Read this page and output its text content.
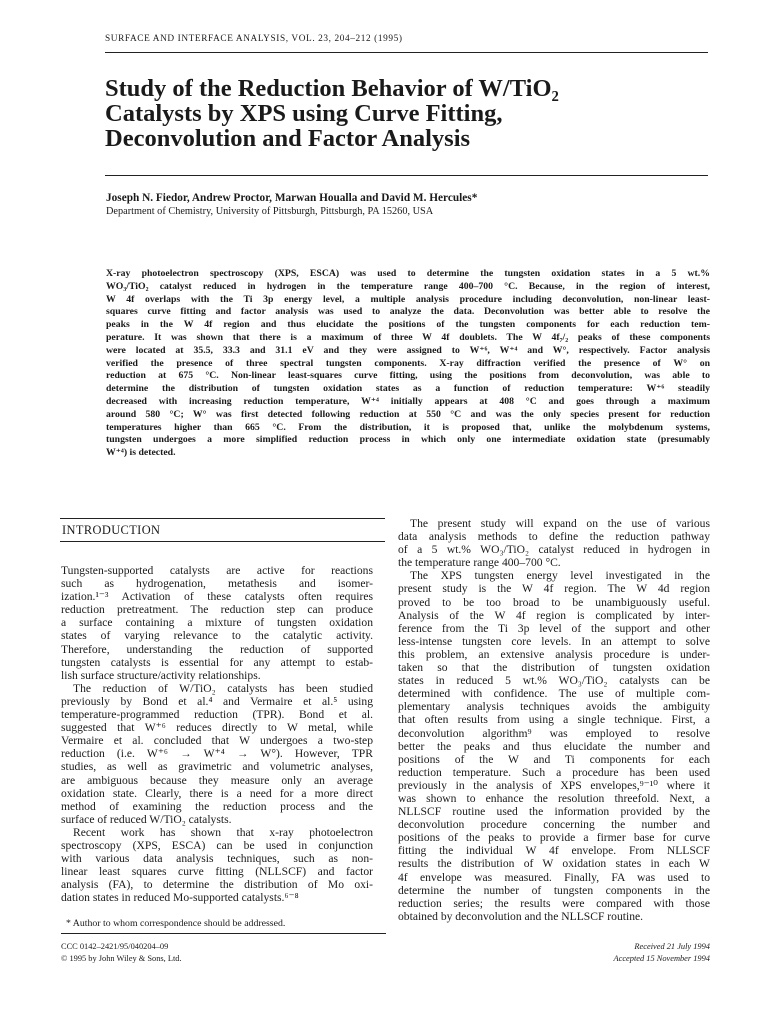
SURFACE AND INTERFACE ANALYSIS, VOL. 23, 204–212 (1995)
Study of the Reduction Behavior of W/TiO₂
Catalysts by XPS using Curve Fitting,
Deconvolution and Factor Analysis
Joseph N. Fiedor, Andrew Proctor, Marwan Houalla and David M. Hercules*
Department of Chemistry, University of Pittsburgh, Pittsburgh, PA 15260, USA
X-ray photoelectron spectroscopy (XPS, ESCA) was used to determine the tungsten oxidation states in a 5 wt.%
WO₃/TiO₂ catalyst reduced in hydrogen in the temperature range 400–700 °C. Because, in the region of interest,
W 4f overlaps with the Ti 3p energy level, a multiple analysis procedure including deconvolution, non-linear least-
squares curve fitting and factor analysis was used to analyze the data. Deconvolution was better able to resolve the
peaks in the W 4f region and thus elucidate the positions of the tungsten components for each reduction tem-
perature. It was shown that there is a maximum of three W 4f doublets. The W 4f₇/₂ peaks of these components
were located at 35.5, 33.3 and 31.1 eV and they were assigned to W⁺⁶, W⁺⁴ and W°, respectively. Factor analysis
verified the presence of three spectral tungsten components. X-ray diffraction verified the presence of W° on
reduction at 675 °C. Non-linear least-squares curve fitting, using the positions from deconvolution, was able to
determine the distribution of tungsten oxidation states as a function of reduction temperature: W⁺⁶ steadily
decreased with increasing reduction temperature, W⁺⁴ initially appears at 408 °C and goes through a maximum
around 580 °C; W° was first detected following reduction at 550 °C and was the only species present for reduction
temperatures higher than 665 °C. From the distribution, it is proposed that, unlike the molybdenum systems,
tungsten undergoes a more simplified reduction process in which only one intermediate oxidation state (presumably
W⁺⁴) is detected.
INTRODUCTION
Tungsten-supported catalysts are active for reactions
such as hydrogenation, metathesis and isomer-
ization.¹⁻³ Activation of these catalysts often requires
reduction pretreatment. The reduction step can produce
a surface containing a mixture of tungsten oxidation
states of varying relevance to the catalytic activity.
Therefore, understanding the reduction of supported
tungsten catalysts is essential for any attempt to estab-
lish surface structure/activity relationships.
The reduction of W/TiO₂ catalysts has been studied
previously by Bond et al.⁴ and Vermaire et al.⁵ using
temperature-programmed reduction (TPR). Bond et al.
suggested that W⁺⁶ reduces directly to W metal, while
Vermaire et al. concluded that W undergoes a two-step
reduction (i.e. W⁺⁶ → W⁺⁴ → W°). However, TPR
studies, as well as gravimetric and volumetric analyses,
are ambiguous because they measure only an average
oxidation state. Clearly, there is a need for a more direct
method of examining the reduction process and the
surface of reduced W/TiO₂ catalysts.
Recent work has shown that x-ray photoelectron
spectroscopy (XPS, ESCA) can be used in conjunction
with various data analysis techniques, such as non-
linear least squares curve fitting (NLLSCF) and factor
analysis (FA), to determine the distribution of Mo oxi-
dation states in reduced Mo-supported catalysts.⁶⁻⁸
The present study will expand on the use of various
data analysis methods to define the reduction pathway
of a 5 wt.% WO₃/TiO₂ catalyst reduced in hydrogen in
the temperature range 400–700 °C.
The XPS tungsten energy level investigated in the
present study is the W 4f region. The W 4d region
proved to be too broad to be unambiguously useful.
Analysis of the W 4f region is complicated by inter-
ference from the Ti 3p level of the support and other
less-intense tungsten core levels. In an attempt to solve
this problem, an extensive analysis procedure is under-
taken so that the distribution of tungsten oxidation
states in reduced 5 wt.% WO₃/TiO₂ catalysts can be
determined with confidence. The use of multiple com-
plementary analysis techniques avoids the ambiguity
that often results from using a single technique. First, a
deconvolution algorithm⁹ was employed to resolve
better the peaks and thus elucidate the number and
positions of the W and Ti components for each
reduction temperature. Such a procedure has been used
previously in the analysis of XPS envelopes,⁹⁻¹⁰ where it
was shown to enhance the resolution threefold. Next, a
NLLSCF routine used the information provided by the
deconvolution procedure concerning the number and
positions of the peaks to provide a firmer base for curve
fitting the individual W 4f envelope. From NLLSCF
results the distribution of W oxidation states in each W
4f envelope was measured. Finally, FA was used to
determine the number of tungsten components in the
reduction series; the results were compared with those
obtained by deconvolution and the NLLSCF routine.
* Author to whom correspondence should be addressed.
CCC 0142–2421/95/040204–09
© 1995 by John Wiley & Sons, Ltd.
Received 21 July 1994
Accepted 15 November 1994
